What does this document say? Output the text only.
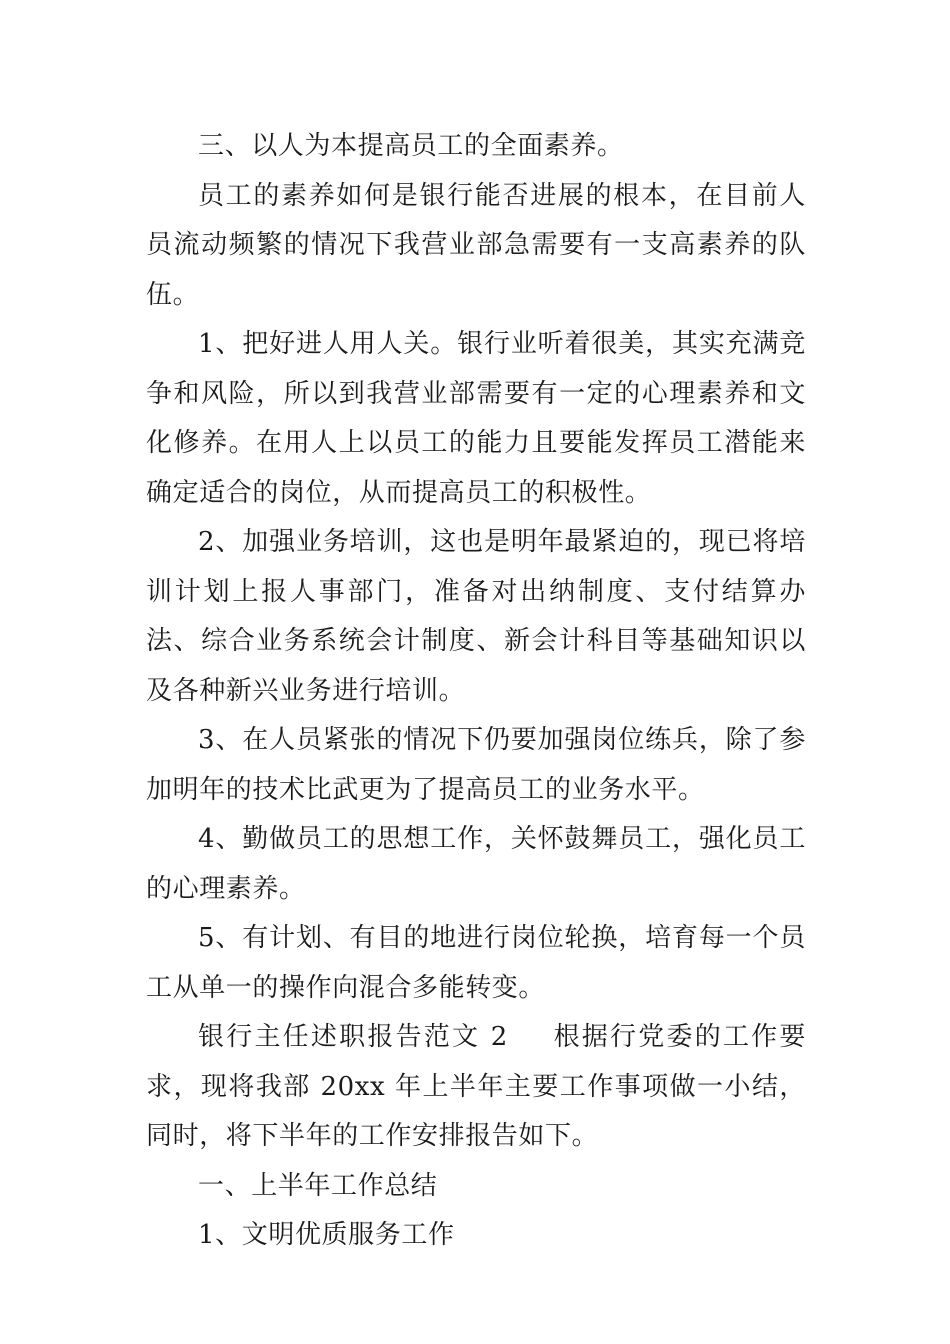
三、以人为本提高员工的全面素养。

员工的素养如何是银行能否进展的根本，在目前人员流动频繁的情况下我营业部急需要有一支高素养的队伍。

1、把好进人用人关。银行业听着很美，其实充满竞争和风险，所以到我营业部需要有一定的心理素养和文化修养。在用人上以员工的能力且要能发挥员工潜能来确定适合的岗位，从而提高员工的积极性。

2、加强业务培训，这也是明年最紧迫的，现已将培训计划上报人事部门，准备对出纳制度、支付结算办法、综合业务系统会计制度、新会计科目等基础知识以及各种新兴业务进行培训。

3、在人员紧张的情况下仍要加强岗位练兵，除了参加明年的技术比武更为了提高员工的业务水平。

4、勤做员工的思想工作，关怀鼓舞员工，强化员工的心理素养。

5、有计划、有目的地进行岗位轮换，培育每一个员工从单一的操作向混合多能转变。

银行主任述职报告范文 2 根据行党委的工作要求，现将我部 20xx 年上半年主要工作事项做一小结，同时，将下半年的工作安排报告如下。

一、上半年工作总结

1、文明优质服务工作
